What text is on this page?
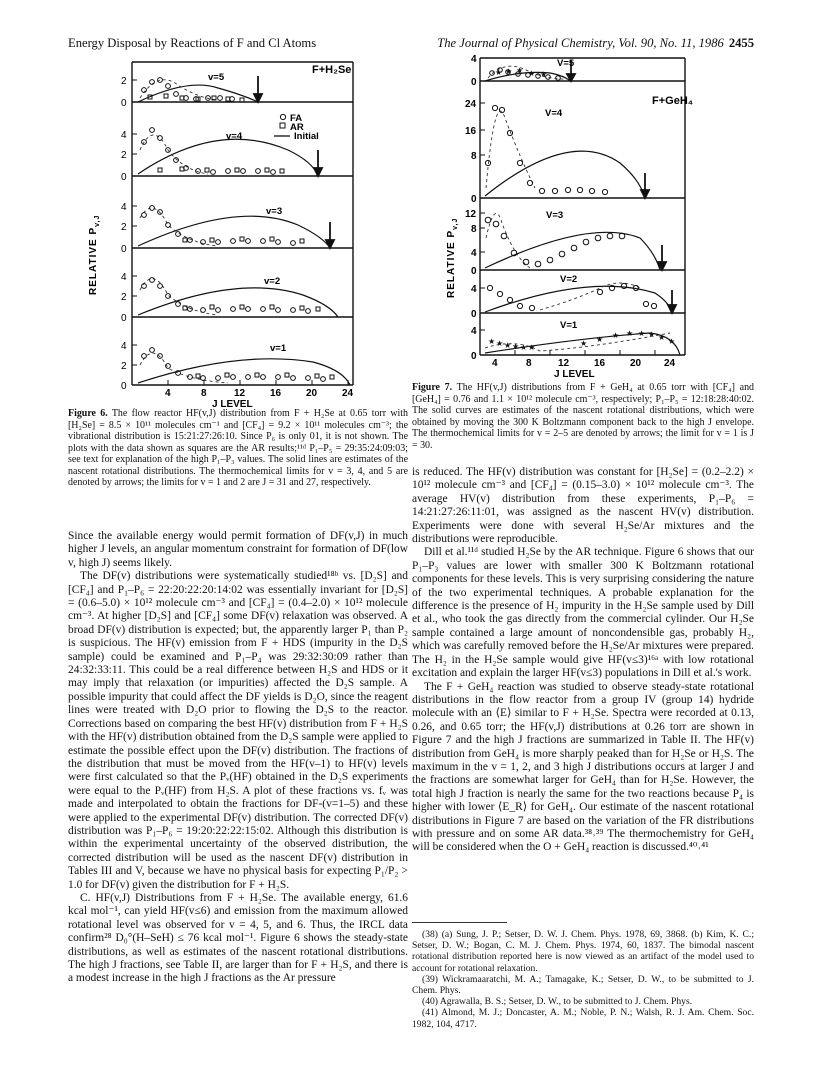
Energy Disposal by Reactions of F and Cl Atoms	The Journal of Physical Chemistry, Vol. 90, No. 11, 1986 2455
F+H₂Se
FA
AR
Initial
v=5
v=4
v=3
v=2
v=1
2
0
4
2
0
4
2
0
4
2
0
4
2
0
4	8	12 16 20 24
J LEVEL
RELATIVE $P_{v,J}$
Figure 6. The flow reactor HF(v,J) distribution from F + H₂Se at 0.65 torr with [H₂Se] = 8.5 × 10¹¹ molecules cm⁻¹ and [CF₄] = 9.2 × 10¹¹ molecules cm⁻³; the vibrational distribution is 15:21:27:26:10. Since P₆ is only 01, it is not shown. The plots with the data shown as squares are the AR results;¹¹ᵈ P₁–P₅ = 29:35:24:09:03; see text for explanation of the high P₁–P₃ values. The solid lines are estimates of the nascent rotational distributions. The thermochemical limits for v = 3, 4, and 5 are denoted by arrows; the limits for v = 1 and 2 are J = 31 and 27, respectively.

Since the available energy would permit formation of DF(v,J) in much higher J levels, an angular momentum constraint for formation of DF(low v, high J) seems likely.

The DF(v) distributions were systematically studied¹⁸ᵇ vs. [D₂S] and [CF₄] and P₁–P₆ = 22:20:22:20:14:02 was essentially invariant for [D₂S] = (0.6–5.0) × 10¹² molecule cm⁻³ and [CF₄] = (0.4–2.0) × 10¹² molecule cm⁻³. At higher [D₂S] and [CF₄] some DF(v) relaxation was observed. A broad DF(v) distribution is expected; but, the apparently larger P₁ than P₂ is suspicious. The HF(v) emission from F + HDS (impurity in the D₂S sample) could be examined and P₁–P₄ was 29:32:30:09 rather than 24:32:33:11. This could be a real difference between H₂S and HDS or it may imply that relaxation (or impurities) affected the D₂S sample. A possible impurity that could affect the DF yields is D₂O, since the reagent lines were treated with D₂O prior to flowing the D₂S to the reactor. Corrections based on comparing the best HF(v) distribution from F + H₂S with the HF(v) distribution obtained from the D₂S sample were applied to estimate the possible effect upon the DF(v) distribution. The fractions of the distribution that must be moved from the HF(v–1) to HF(v) levels were first calculated so that the Pᵥ(HF) obtained in the D₂S experiments were equal to the Pᵥ(HF) from H₂S. A plot of these fractions vs. fᵥ was made and interpolated to obtain the fractions for DF-(v=1–5) and these were applied to the experimental DF(v) distribution. The corrected DF(v) distribution was P₁–P₆ = 19:20:22:22:15:02. Although this distribution is within the experimental uncertainty of the observed distribution, the corrected distribution will be used as the nascent DF(v) distribution in Tables III and V, because we have no physical basis for expecting P₁/P₂ > 1.0 for DF(v) given the distribution for F + H₂S.

C. HF(v,J) Distributions from F + H₂Se. The available energy, 61.6 kcal mol⁻¹, can yield HF(v≤6) and emission from the maximum allowed rotational level was observed for v = 4, 5, and 6. Thus, the IRCL data confirm²⁸ D₀°(H–SeH) ≤ 76 kcal mol⁻¹. Figure 6 shows the steady-state distributions, as well as estimates of the nascent rotational distributions. The high J fractions, see Table II, are larger than for F + H₂S, and there is a modest increase in the high J fractions as the Ar pressure

★ ★ ★ ★ ★
★ ★ ★ ★ ★ ★	★ ★ ★ ★ ★ ★ ★ ★
F+GeH₄
V=5
V=4
V=3
V=2
V=1
4
0
24
16
8
0
12
8
4
0
4
0
4
0
4	8	12 16 20 24
J LEVEL
RELATIVE $P_{v,J}$
Figure 7. The HF(v,J) distributions from F + GeH₄ at 0.65 torr with [CF₄] and [GeH₄] = 0.76 and 1.1 × 10¹² molecule cm⁻³, respectively; P₁–P₅ = 12:18:28:40:02. The solid curves are estimates of the nascent rotational distributions, which were obtained by moving the 300 K Boltzmann component back to the high J envelope. The thermochemical limits for v = 2–5 are denoted by arrows; the limit for v = 1 is J = 30.

is reduced. The HF(v) distribution was constant for [H₂Se] = (0.2–2.2) × 10¹² molecule cm⁻³ and [CF₄] = (0.15–3.0) × 10¹² molecule cm⁻³. The average HV(v) distribution from these experiments, P₁–P₆ = 14:21:27:26:11:01, was assigned as the nascent HV(v) distribution. Experiments were done with several H₂Se/Ar mixtures and the distributions were reproducible.

Dill et al.¹¹ᵈ studied H₂Se by the AR technique. Figure 6 shows that our P₁–P₃ values are lower with smaller 300 K Boltzmann rotational components for these levels. This is very surprising considering the nature of the two experimental techniques. A probable explanation for the difference is the presence of H₂ impurity in the H₂Se sample used by Dill et al., who took the gas directly from the commercial cylinder. Our H₂Se sample contained a large amount of noncondensible gas, probably H₂, which was carefully removed before the H₂Se/Ar mixtures were prepared. The H₂ in the H₂Se sample would give HF(v≤3)¹⁶ᵃ with low rotational excitation and explain the larger HF(v≤3) populations in Dill et al.'s work.

The F + GeH₄ reaction was studied to observe steady-state rotational distributions in the flow reactor from a group IV (group 14) hydride molecule with an ⟨E⟩ similar to F + H₂Se. Spectra were recorded at 0.13, 0.26, and 0.65 torr; the HF(v,J) distributions at 0.26 torr are shown in Figure 7 and the high J fractions are summarized in Table II. The HF(v) distribution from GeH₄ is more sharply peaked than for H₂Se or H₂S. The maximum in the v = 1, 2, and 3 high J distributions occurs at larger J and the fractions are somewhat larger for GeH₄ than for H₂Se. However, the total high J fraction is nearly the same for the two reactions because P₄ is higher with lower ⟨E_R⟩ for GeH₄. Our estimate of the nascent rotational distributions in Figure 7 are based on the variation of the FR distributions with pressure and on some AR data.³⁸˒³⁹ The thermochemistry for GeH₄ will be considered when the O + GeH₄ reaction is discussed.⁴⁰˒⁴¹

(38) (a) Sung, J. P.; Setser, D. W. J. Chem. Phys. 1978, 69, 3868. (b) Kim, K. C.; Setser, D. W.; Bogan, C. M. J. Chem. Phys. 1974, 60, 1837. The bimodal nascent rotational distribution reported here is now viewed as an artifact of the model used to account for rotational relaxation.
(39) Wickramaaratchi, M. A.; Tamagake, K.; Setser, D. W., to be submitted to J. Chem. Phys.
(40) Agrawalla, B. S.; Setser, D. W., to be submitted to J. Chem. Phys.
(41) Almond, M. J.; Doncaster, A. M.; Noble, P. N.; Walsh, R. J. Am. Chem. Soc. 1982, 104, 4717.
